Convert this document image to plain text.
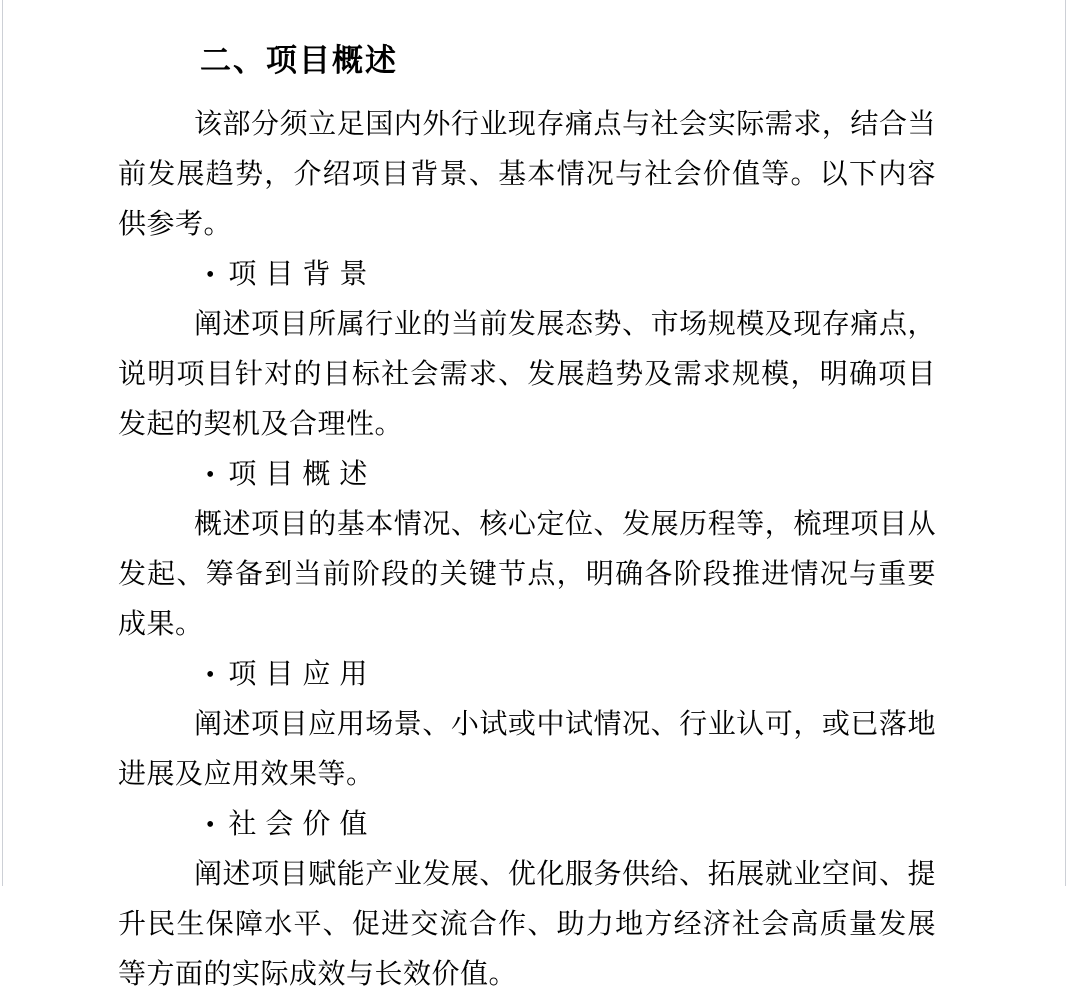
二、项目概述

该部分须立足国内外行业现存痛点与社会实际需求，结合当前发展趋势，介绍项目背景、基本情况与社会价值等。以下内容供参考。

• 项目背景

阐述项目所属行业的当前发展态势、市场规模及现存痛点，说明项目针对的目标社会需求、发展趋势及需求规模，明确项目发起的契机及合理性。

• 项目概述

概述项目的基本情况、核心定位、发展历程等，梳理项目从发起、筹备到当前阶段的关键节点，明确各阶段推进情况与重要成果。

• 项目应用

阐述项目应用场景、小试或中试情况、行业认可，或已落地进展及应用效果等。

• 社会价值

阐述项目赋能产业发展、优化服务供给、拓展就业空间、提升民生保障水平、促进交流合作、助力地方经济社会高质量发展等方面的实际成效与长效价值。
